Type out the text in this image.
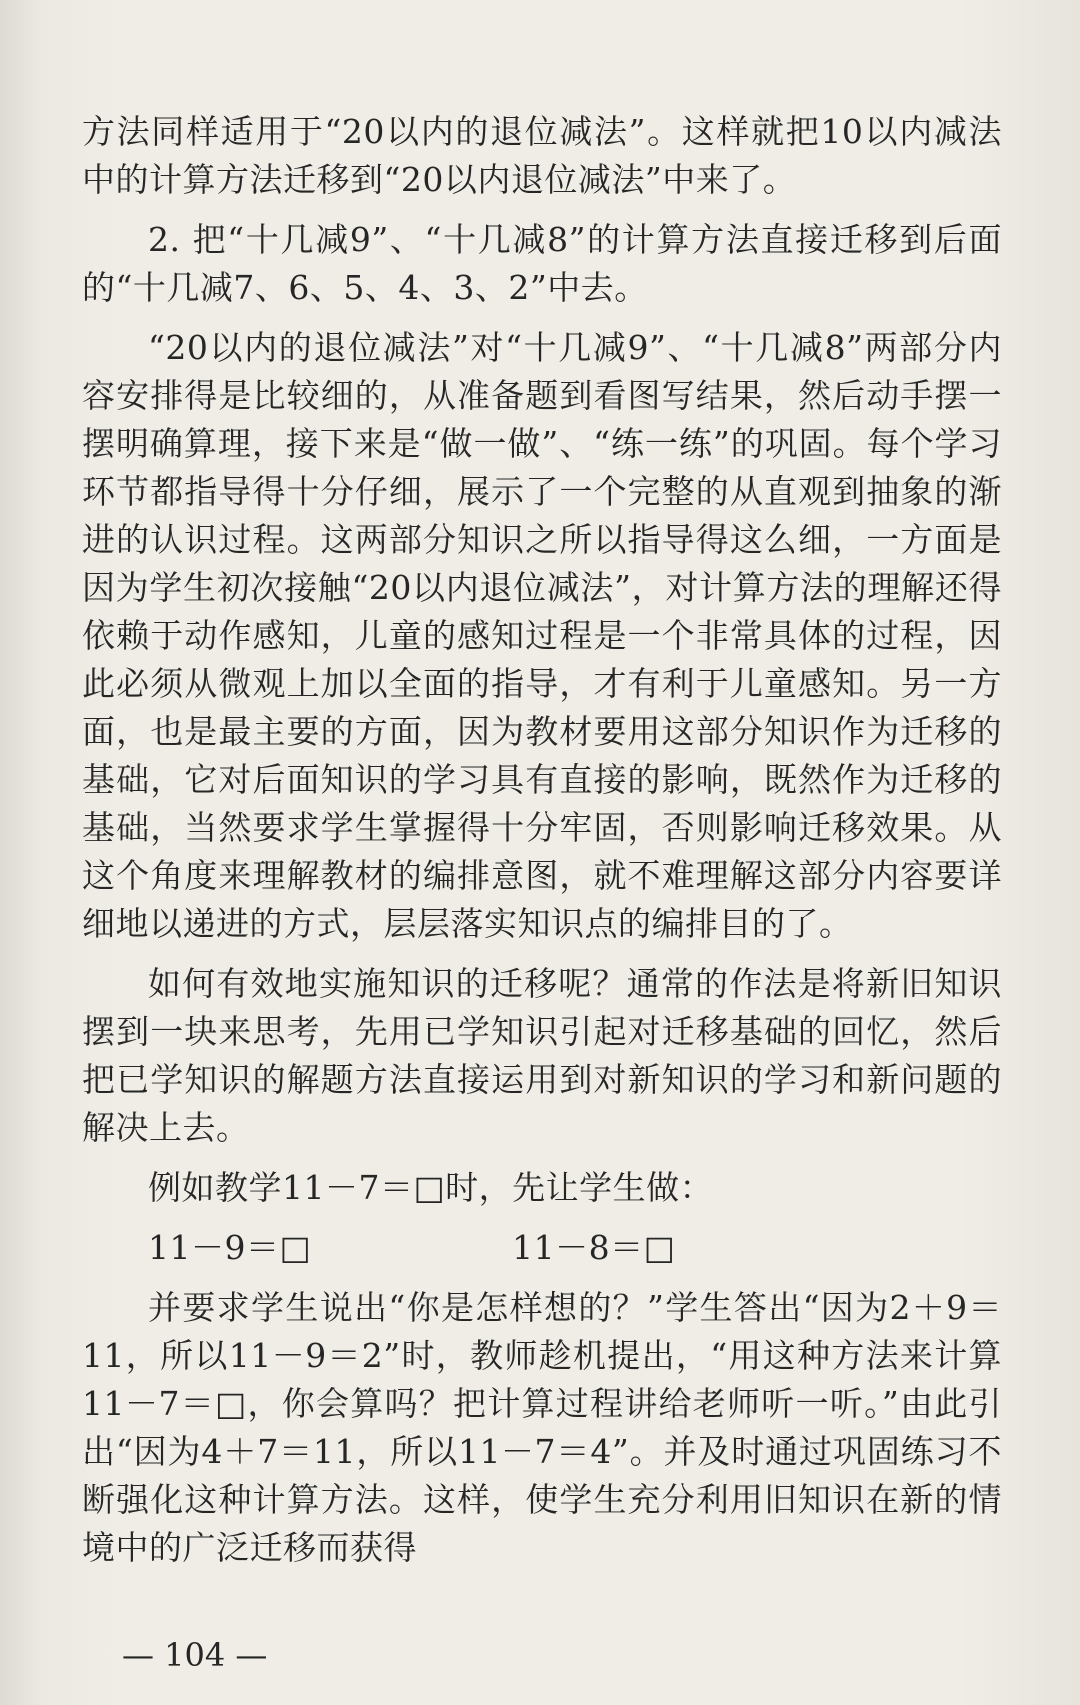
方法同样适用于“20以内的退位减法”。这样就把10以内减法中的计算方法迁移到“20以内退位减法”中来了。

2. 把“十几减9”、“十几减8”的计算方法直接迁移到后面的“十几减7、6、5、4、3、2”中去。

“20以内的退位减法”对“十几减9”、“十几减8”两部分内容安排得是比较细的，从准备题到看图写结果，然后动手摆一摆明确算理，接下来是“做一做”、“练一练”的巩固。每个学习环节都指导得十分仔细，展示了一个完整的从直观到抽象的渐进的认识过程。这两部分知识之所以指导得这么细，一方面是因为学生初次接触“20以内退位减法”，对计算方法的理解还得依赖于动作感知，儿童的感知过程是一个非常具体的过程，因此必须从微观上加以全面的指导，才有利于儿童感知。另一方面，也是最主要的方面，因为教材要用这部分知识作为迁移的基础，它对后面知识的学习具有直接的影响，既然作为迁移的基础，当然要求学生掌握得十分牢固，否则影响迁移效果。从这个角度来理解教材的编排意图，就不难理解这部分内容要详细地以递进的方式，层层落实知识点的编排目的了。

如何有效地实施知识的迁移呢？通常的作法是将新旧知识摆到一块来思考，先用已学知识引起对迁移基础的回忆，然后把已学知识的解题方法直接运用到对新知识的学习和新问题的解决上去。

例如教学11－7＝□时，先让学生做：

11－9＝□　　　　　　11－8＝□

并要求学生说出“你是怎样想的？”学生答出“因为2＋9＝11，所以11－9＝2”时，教师趁机提出，“用这种方法来计算11－7＝□，你会算吗？把计算过程讲给老师听一听。”由此引出“因为4＋7＝11，所以11－7＝4”。并及时通过巩固练习不断强化这种计算方法。这样，使学生充分利用旧知识在新的情境中的广泛迁移而获得

— 104 —
